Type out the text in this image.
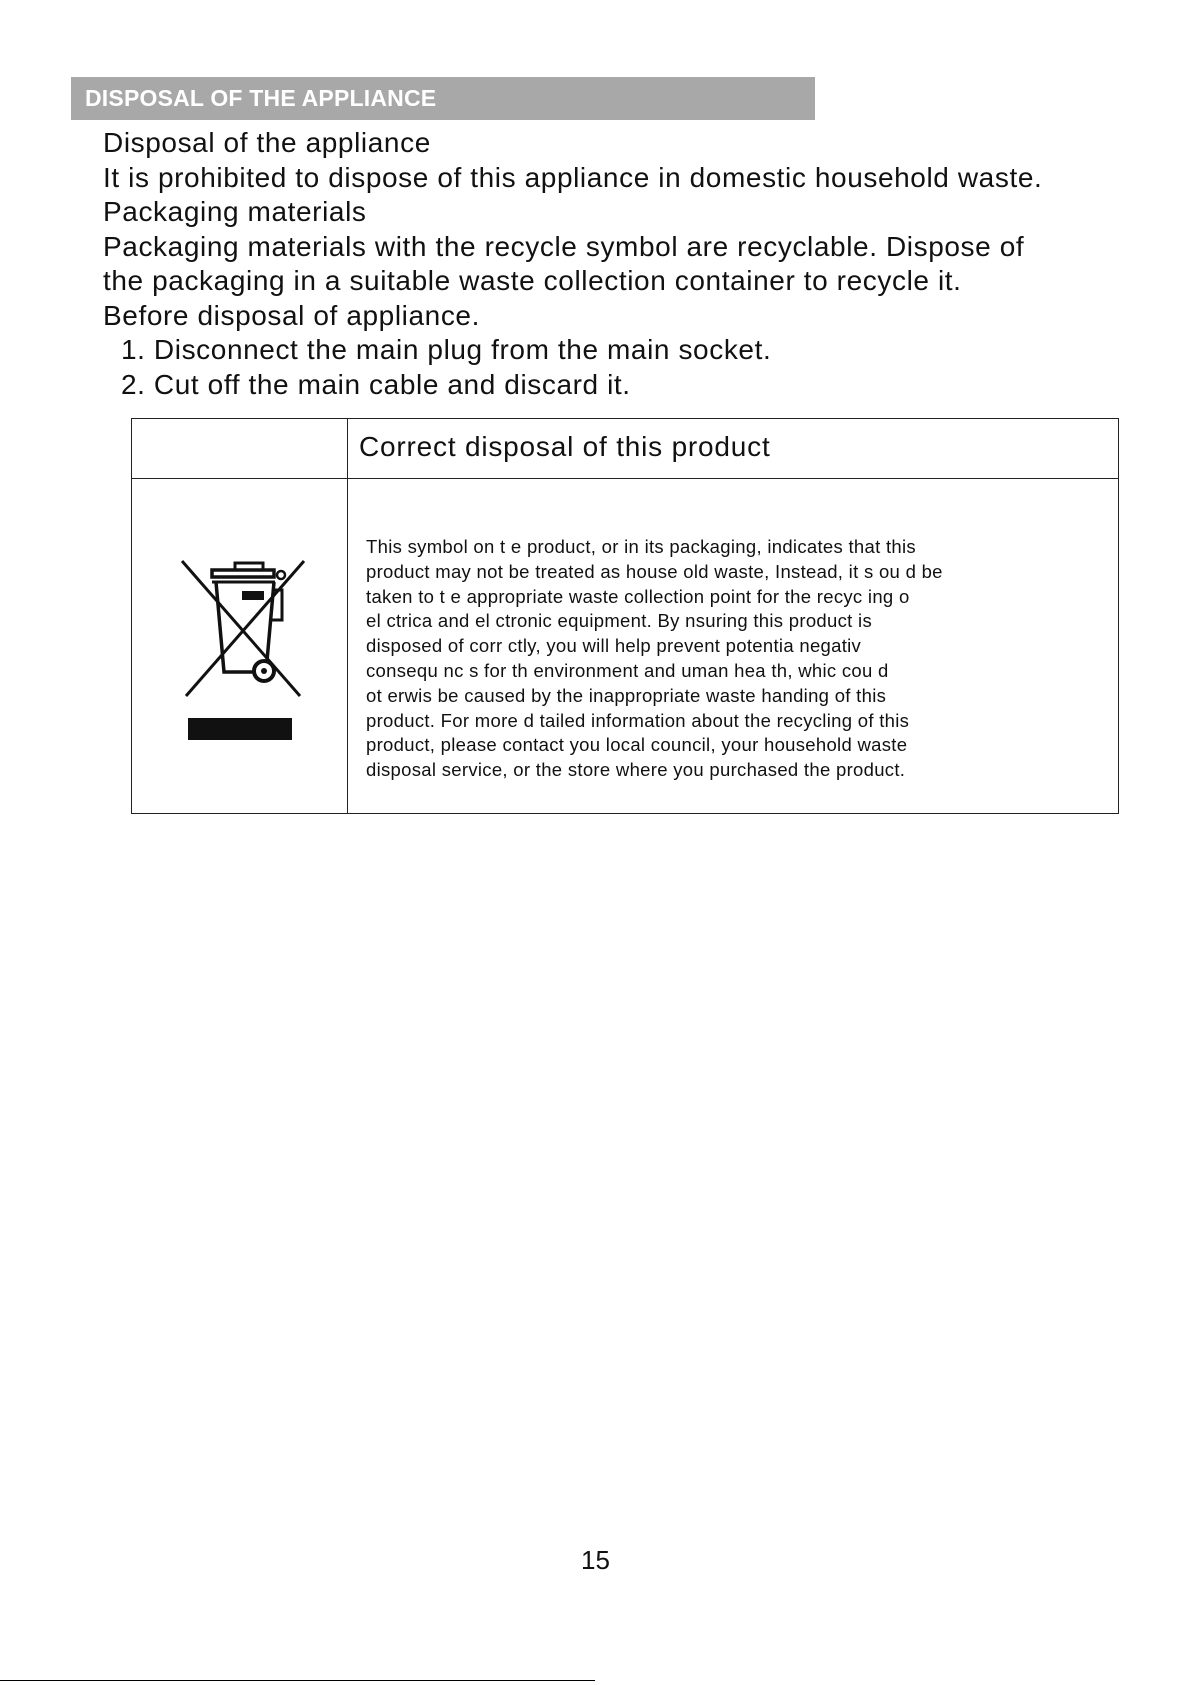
DISPOSAL OF THE APPLIANCE

Disposal of the appliance

It is prohibited to dispose of this appliance in domestic household waste.

Packaging materials

Packaging materials with the recycle symbol are recyclable. Dispose of

the packaging in a suitable waste collection container to recycle it.

Before disposal of appliance.

1. Disconnect the main plug from the main socket.

2. Cut off the main cable and discard it.

Correct disposal of this product

This symbol on t e product, or in its packaging, indicates that this

product may not be treated as house old waste, Instead, it s ou d be

taken to t e appropriate waste collection point for the recyc ing o

el ctrica and el ctronic equipment. By nsuring this product is

disposed of corr ctly, you will help prevent potentia negativ

consequ nc s for th environment and uman hea th, whic cou d

ot erwis be caused by the inappropriate waste handing of this

product. For more d tailed information about the recycling of this

product, please contact you local council, your household waste

disposal service, or the store where you purchased the product.

15
